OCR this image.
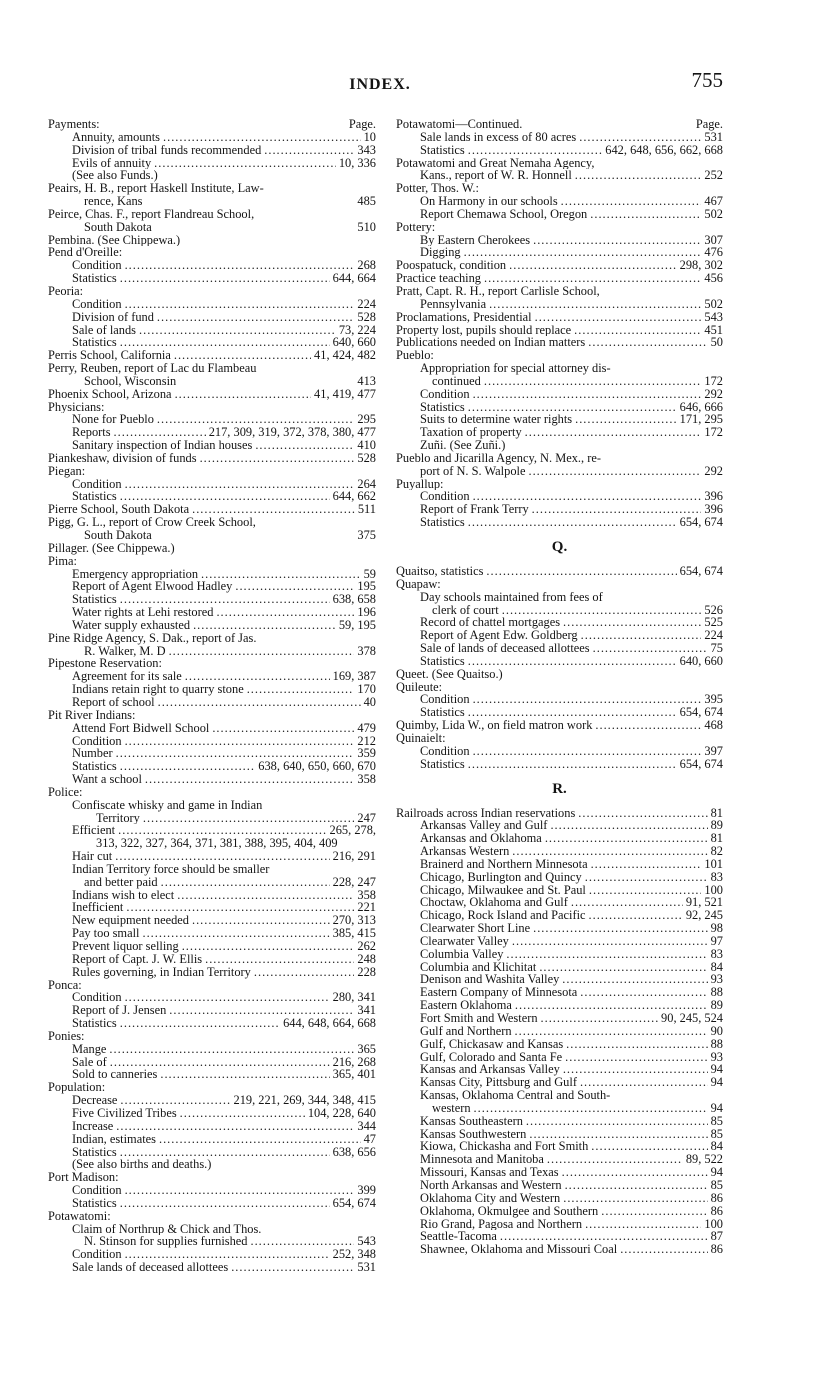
INDEX.	755
Payments:	Page.
Annuity, amounts .....	10
Division of tribal funds recommended .....	343
Evils of annuity .....	10, 336
(See also Funds.)
Peairs, H. B., report Haskell Institute, Law-
rence, Kans	485
Peirce, Chas. F., report Flandreau School,
South Dakota	510
Pembina. (See Chippewa.)
Pend d'Oreille:
Condition .....	268
Statistics .....	644, 664
Peoria:
Condition .....	224
Division of fund .....	528
Sale of lands .....	73, 224
Statistics .....	640, 660
Perris School, California .....	41, 424, 482
Perry, Reuben, report of Lac du Flambeau
School, Wisconsin	413
Phoenix School, Arizona .....	41, 419, 477
Physicians:
None for Pueblo .....	295
Reports .....	217, 309, 319, 372, 378, 380, 477
Sanitary inspection of Indian houses .....	410
Piankeshaw, division of funds .....	528
Piegan:
Condition .....	264
Statistics .....	644, 662
Pierre School, South Dakota .....	511
Pigg, G. L., report of Crow Creek School,
South Dakota	375
Pillager. (See Chippewa.)
Pima:
Emergency appropriation .....	59
Report of Agent Elwood Hadley .....	195
Statistics .....	638, 658
Water rights at Lehi restored .....	196
Water supply exhausted .....	59, 195
Pine Ridge Agency, S. Dak., report of Jas.
R. Walker, M. D .....	378
Pipestone Reservation:
Agreement for its sale .....	169, 387
Indians retain right to quarry stone .....	170
Report of school .....	40
Pit River Indians:
Attend Fort Bidwell School .....	479
Condition .....	212
Number .....	359
Statistics .....	638, 640, 650, 660, 670
Want a school .....	358
Police:
Confiscate whisky and game in Indian
Territory .....	247
Efficient .....	265, 278,
313, 322, 327, 364, 371, 381, 388, 395, 404, 409
Hair cut .....	216, 291
Indian Territory force should be smaller
and better paid .....	228, 247
Indians wish to elect .....	358
Inefficient .....	221
New equipment needed .....	270, 313
Pay too small .....	385, 415
Prevent liquor selling .....	262
Report of Capt. J. W. Ellis .....	248
Rules governing, in Indian Territory .....	228
Ponca:
Condition .....	280, 341
Report of J. Jensen .....	341
Statistics .....	644, 648, 664, 668
Ponies:
Mange .....	365
Sale of .....	216, 268
Sold to canneries .....	365, 401
Population:
Decrease .....	219, 221, 269, 344, 348, 415
Five Civilized Tribes .....	104, 228, 640
Increase .....	344
Indian, estimates .....	47
Statistics .....	638, 656
(See also births and deaths.)
Port Madison:
Condition .....	399
Statistics .....	654, 674
Potawatomi:
Claim of Northrup & Chick and Thos.
N. Stinson for supplies furnished .....	543
Condition .....	252, 348
Sale lands of deceased allottees .....	531
Potawatomi—Continued.	Page.
Sale lands in excess of 80 acres .....	531
Statistics .....	642, 648, 656, 662, 668
Potawatomi and Great Nemaha Agency,
Kans., report of W. R. Honnell .....	252
Potter, Thos. W.:
On Harmony in our schools .....	467
Report Chemawa School, Oregon .....	502
Pottery:
By Eastern Cherokees .....	307
Digging .....	476
Poospatuck, condition .....	298, 302
Practice teaching .....	456
Pratt, Capt. R. H., report Carlisle School,
Pennsylvania .....	502
Proclamations, Presidential .....	543
Property lost, pupils should replace .....	451
Publications needed on Indian matters .....	50
Pueblo:
Appropriation for special attorney dis-
continued .....	172
Condition .....	292
Statistics .....	646, 666
Suits to determine water rights .....	171, 295
Taxation of property .....	172
Zuñi. (See Zuñi.)
Pueblo and Jicarilla Agency, N. Mex., re-
port of N. S. Walpole .....	292
Puyallup:
Condition .....	396
Report of Frank Terry .....	396
Statistics .....	654, 674
Q.
Quaitso, statistics .....	654, 674
Quapaw:
Day schools maintained from fees of
clerk of court .....	526
Record of chattel mortgages .....	525
Report of Agent Edw. Goldberg .....	224
Sale of lands of deceased allottees .....	75
Statistics .....	640, 660
Queet. (See Quaitso.)
Quileute:
Condition .....	395
Statistics .....	654, 674
Quimby, Lida W., on field matron work .....	468
Quinaielt:
Condition .....	397
Statistics .....	654, 674
R.
Railroads across Indian reservations .....	81
Arkansas Valley and Gulf .....	89
Arkansas and Oklahoma .....	81
Arkansas Western .....	82
Brainerd and Northern Minnesota .....	101
Chicago, Burlington and Quincy .....	83
Chicago, Milwaukee and St. Paul .....	100
Choctaw, Oklahoma and Gulf .....	91, 521
Chicago, Rock Island and Pacific .....	92, 245
Clearwater Short Line .....	98
Clearwater Valley .....	97
Columbia Valley .....	83
Columbia and Klichitat .....	84
Denison and Washita Valley .....	93
Eastern Company of Minnesota .....	88
Eastern Oklahoma .....	89
Fort Smith and Western .....	90, 245, 524
Gulf and Northern .....	90
Gulf, Chickasaw and Kansas .....	88
Gulf, Colorado and Santa Fe .....	93
Kansas and Arkansas Valley .....	94
Kansas City, Pittsburg and Gulf .....	94
Kansas, Oklahoma Central and South-
western .....	94
Kansas Southeastern .....	85
Kansas Southwestern .....	85
Kiowa, Chickasha and Fort Smith .....	84
Minnesota and Manitoba .....	89, 522
Missouri, Kansas and Texas .....	94
North Arkansas and Western .....	85
Oklahoma City and Western .....	86
Oklahoma, Okmulgee and Southern .....	86
Rio Grand, Pagosa and Northern .....	100
Seattle-Tacoma .....	87
Shawnee, Oklahoma and Missouri Coal .....	86
